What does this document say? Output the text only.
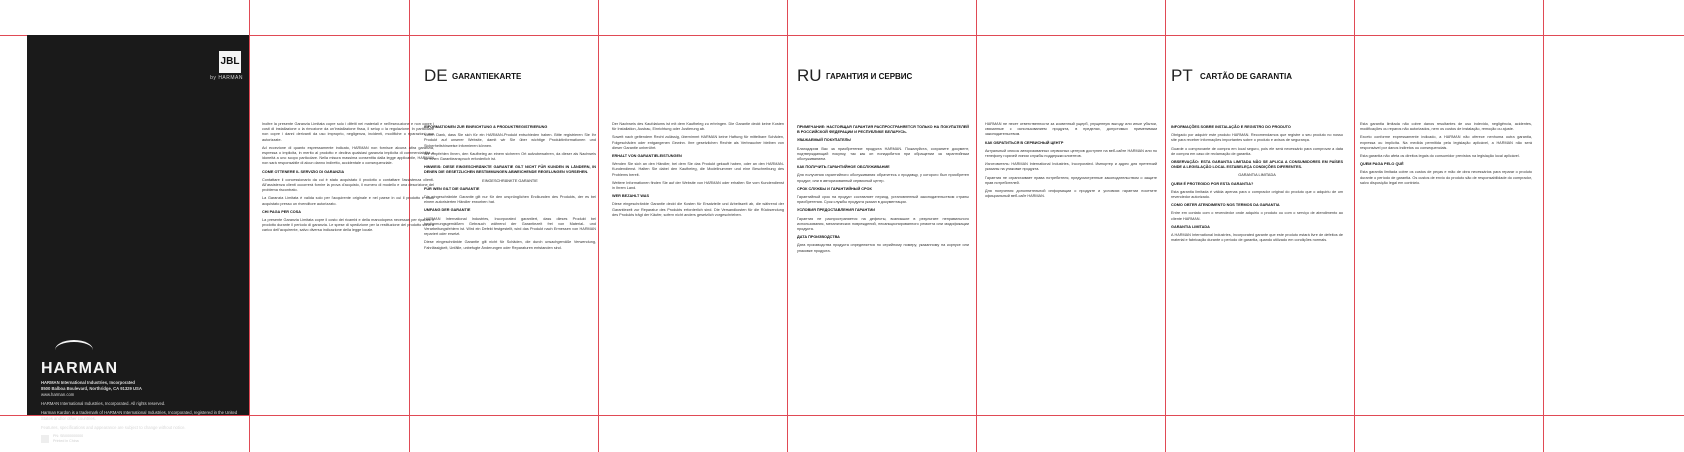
JBL
by HARMAN
HARMAN

HARMAN International Industries, Incorporated
8500 Balboa Boulevard, Northridge, CA 91329 USA
www.harman.com

HARMAN International Industries, Incorporated. All rights reserved.

Harman Kardon is a trademark of HARMAN International Industries, Incorporated, registered in the United States and/or other countries.

Features, specifications and appearance are subject to change without notice.

PN: SBX00000000
Printed in China
DE GARANTIEKARTE	RU ГАРАНТИЯ И СЕРВИС	PT CARTÃO DE GARANTIA

Inoltre la presente Garanzia Limitata copre solo i difetti nei materiali e nell'esecuzione e non copre i costi di installazione o la rimozione da un'installazione fissa, il setup o la regolazione. In particolare non copre i danni derivanti da uso improprio, negligenza, incidenti, modifiche o riparazioni non autorizzate.

Ad eccezione di quanto espressamente indicato, HARMAN non fornisce alcuna altra garanzia, espressa o implicita, in merito al prodotto e declina qualsiasi garanzia implicita di commerciabilità o idoneità a uno scopo particolare. Nella misura massima consentita dalla legge applicabile, HARMAN non sarà responsabile di alcun danno indiretto, accidentale o consequenziale.

COME OTTENERE IL SERVIZIO DI GARANZIA

Contattare il concessionario da cui è stato acquistato il prodotto o contattare l'assistenza clienti. All'assistenza clienti occorrerà fornire la prova d'acquisto, il numero di modello e una descrizione del problema riscontrato.

La Garanzia Limitata è valida solo per l'acquirente originale e nel paese in cui il prodotto è stato acquistato presso un rivenditore autorizzato.

CHI PAGA PER COSA

La presente Garanzia Limitata copre il costo dei ricambi e della manodopera necessari per riparare il prodotto durante il periodo di garanzia. Le spese di spedizione per la restituzione del prodotto sono a carico dell'acquirente, salvo diversa indicazione della legge locale.

INFORMATIONEN ZUR EINRICHTUNG & PRODUKTREGISTRIERUNG

Vielen Dank, dass Sie sich für ein HARMAN-Produkt entschieden haben. Bitte registrieren Sie Ihr Produkt auf unserer Website, damit wir Sie über wichtige Produktinformationen und Sicherheitshinweise informieren können.

Wir empfehlen Ihnen, den Kaufbeleg an einem sicheren Ort aufzubewahren, da dieser als Nachweis für einen Garantieanspruch erforderlich ist.

HINWEIS: DIESE EINGESCHRÄNKTE GARANTIE GILT NICHT FÜR KUNDEN IN LÄNDERN, IN DENEN DIE GESETZLICHEN BESTIMMUNGEN ABWEICHENDE REGELUNGEN VORSEHEN.

EINGESCHRÄNKTE GARANTIE

FÜR WEN GILT DIE GARANTIE

Die eingeschränkte Garantie gilt nur für den ursprünglichen Endkunden des Produkts, der es bei einem autorisierten Händler erworben hat.

UMFANG DER GARANTIE

HARMAN International Industries, Incorporated garantiert, dass dieses Produkt bei bestimmungsgemäßem Gebrauch während der Garantiezeit frei von Material- und Verarbeitungsfehlern ist. Wird ein Defekt festgestellt, wird das Produkt nach Ermessen von HARMAN repariert oder ersetzt.

Diese eingeschränkte Garantie gilt nicht für Schäden, die durch unsachgemäße Verwendung, Fahrlässigkeit, Unfälle, unbefugte Änderungen oder Reparaturen entstanden sind.

Der Nachweis des Kaufdatums ist mit dem Kaufbeleg zu erbringen. Die Garantie deckt keine Kosten für Installation, Ausbau, Einrichtung oder Justierung ab.

Soweit nach geltendem Recht zulässig, übernimmt HARMAN keine Haftung für mittelbare Schäden, Folgeschäden oder entgangenen Gewinn. Ihre gesetzlichen Rechte als Verbraucher bleiben von dieser Garantie unberührt.

ERHALT VON GARANTIELEISTUNGEN

Wenden Sie sich an den Händler, bei dem Sie das Produkt gekauft haben, oder an den HARMAN-Kundendienst. Halten Sie dabei den Kaufbeleg, die Modellnummer und eine Beschreibung des Problems bereit.

Weitere Informationen finden Sie auf der Website von HARMAN oder erhalten Sie vom Kundendienst in Ihrem Land.

WER BEZAHLT WAS

Diese eingeschränkte Garantie deckt die Kosten für Ersatzteile und Arbeitszeit ab, die während der Garantiezeit zur Reparatur des Produkts erforderlich sind. Die Versandkosten für die Rücksendung des Produkts trägt der Käufer, sofern nicht anders gesetzlich vorgeschrieben.

ПРИМЕЧАНИЕ: НАСТОЯЩАЯ ГАРАНТИЯ РАСПРОСТРАНЯЕТСЯ ТОЛЬКО НА ПОКУПАТЕЛЕЙ В РОССИЙСКОЙ ФЕДЕРАЦИИ И РЕСПУБЛИКЕ БЕЛАРУСЬ.

УВАЖАЕМЫЙ ПОКУПАТЕЛЬ!

Благодарим Вас за приобретение продукта HARMAN. Пожалуйста, сохраните документ, подтверждающий покупку, так как он понадобится при обращении за гарантийным обслуживанием.

КАК ПОЛУЧИТЬ ГАРАНТИЙНОЕ ОБСЛУЖИВАНИЕ

Для получения гарантийного обслуживания обратитесь к продавцу, у которого был приобретен продукт, или в авторизованный сервисный центр.

СРОК СЛУЖБЫ И ГАРАНТИЙНЫЙ СРОК

Гарантийный срок на продукт составляет период, установленный законодательством страны приобретения. Срок службы продукта указан в документации.

УСЛОВИЯ ПРЕДОСТАВЛЕНИЯ ГАРАНТИИ

Гарантия не распространяется на дефекты, возникшие в результате неправильного использования, механических повреждений, несанкционированного ремонта или модификации продукта.

ДАТА ПРОИЗВОДСТВА

Дата производства продукта определяется по серийному номеру, указанному на корпусе или упаковке продукта.

HARMAN не несет ответственности за косвенный ущерб, упущенную выгоду или иные убытки, связанные с использованием продукта, в пределах, допустимых применимым законодательством.

КАК ОБРАТИТЬСЯ В СЕРВИСНЫЙ ЦЕНТР

Актуальный список авторизованных сервисных центров доступен на веб-сайте HARMAN или по телефону горячей линии службы поддержки клиентов.

Изготовитель: HARMAN International Industries, Incorporated. Импортер и адрес для претензий указаны на упаковке продукта.

Гарантия не ограничивает права потребителя, предусмотренные законодательством о защите прав потребителей.

Для получения дополнительной информации о продукте и условиях гарантии посетите официальный веб-сайт HARMAN.

INFORMAÇÕES SOBRE INSTALAÇÃO E REGISTRO DO PRODUTO

Obrigado por adquirir este produto HARMAN. Recomendamos que registre o seu produto no nosso site para receber informações importantes sobre o produto e avisos de segurança.

Guarde o comprovante de compra em local seguro, pois ele será necessário para comprovar a data de compra em caso de reclamação de garantia.

OBSERVAÇÃO: ESTA GARANTIA LIMITADA NÃO SE APLICA A CONSUMIDORES EM PAÍSES ONDE A LEGISLAÇÃO LOCAL ESTABELEÇA CONDIÇÕES DIFERENTES.

GARANTIA LIMITADA

QUEM É PROTEGIDO POR ESTA GARANTIA?

Esta garantia limitada é válida apenas para o comprador original do produto que o adquiriu de um revendedor autorizado.

COMO OBTER ATENDIMENTO NOS TERMOS DA GARANTIA

Entre em contato com o revendedor onde adquiriu o produto ou com o serviço de atendimento ao cliente HARMAN.

GARANTIA LIMITADA

A HARMAN International Industries, Incorporated garante que este produto estará livre de defeitos de material e fabricação durante o período de garantia, quando utilizado em condições normais.

Esta garantia limitada não cobre danos resultantes de uso indevido, negligência, acidentes, modificações ou reparos não autorizados, nem os custos de instalação, remoção ou ajuste.

Exceto conforme expressamente indicado, a HARMAN não oferece nenhuma outra garantia, expressa ou implícita. Na medida permitida pela legislação aplicável, a HARMAN não será responsável por danos indiretos ou consequenciais.

Esta garantia não afeta os direitos legais do consumidor previstos na legislação local aplicável.

QUEM PAGA PELO QUÊ

Esta garantia limitada cobre os custos de peças e mão de obra necessários para reparar o produto durante o período de garantia. Os custos de envio do produto são de responsabilidade do comprador, salvo disposição legal em contrário.
